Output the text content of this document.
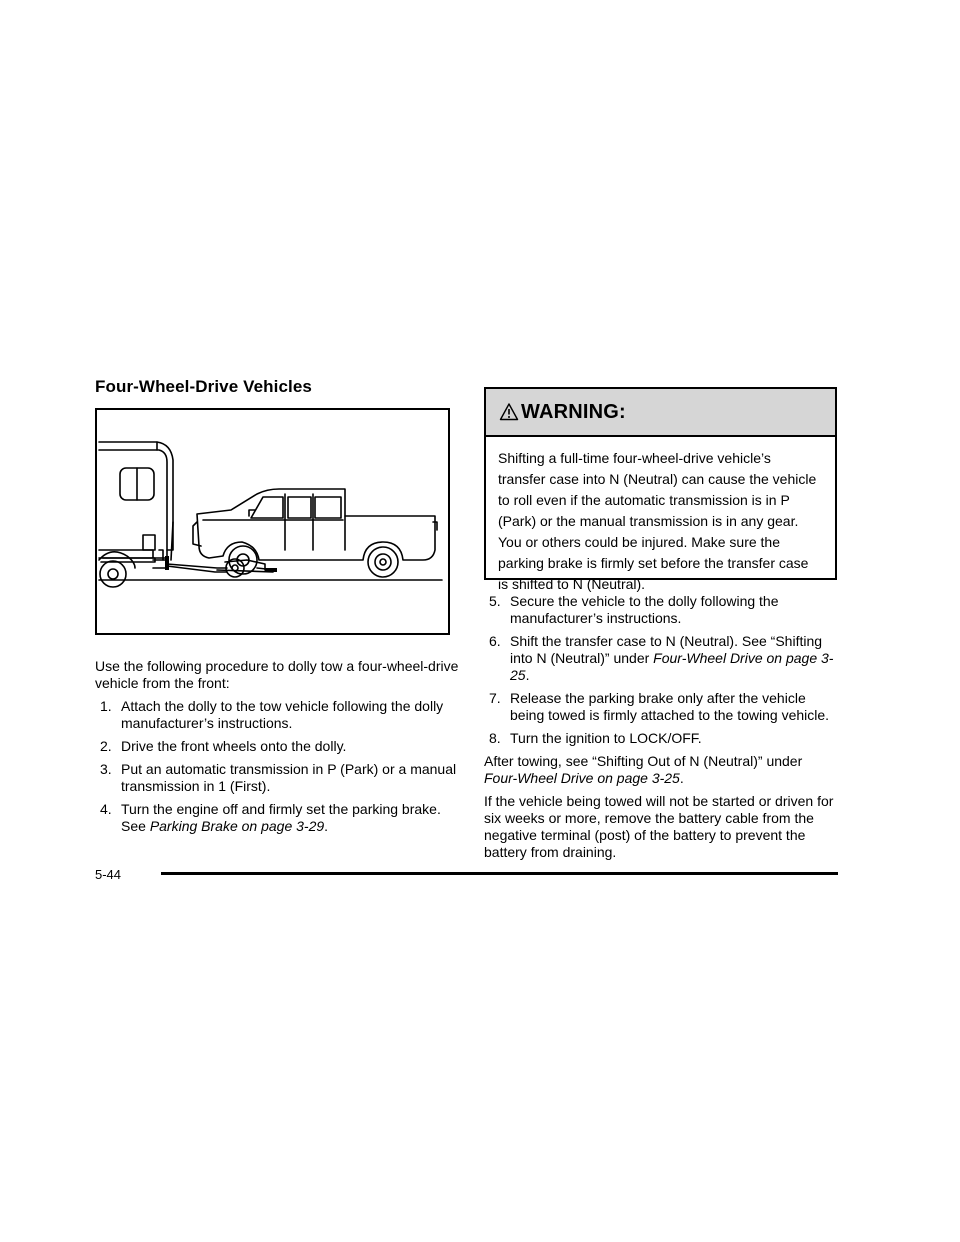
Four-Wheel-Drive Vehicles

Use the following procedure to dolly tow a four-wheel-drive vehicle from the front:

1. Attach the dolly to the tow vehicle following the dolly manufacturer’s instructions.
2. Drive the front wheels onto the dolly.
3. Put an automatic transmission in P (Park) or a manual transmission in 1 (First).
4. Turn the engine off and firmly set the parking brake. See Parking Brake on page 3-29.
WARNING:
Shifting a full-time four-wheel-drive vehicle’s transfer case into N (Neutral) can cause the vehicle to roll even if the automatic transmission is in P (Park) or the manual transmission is in any gear. You or others could be injured. Make sure the parking brake is firmly set before the transfer case is shifted to N (Neutral).
5. Secure the vehicle to the dolly following the manufacturer’s instructions.
6. Shift the transfer case to N (Neutral). See “Shifting into N (Neutral)” under Four-Wheel Drive on page 3-25.
7. Release the parking brake only after the vehicle being towed is firmly attached to the towing vehicle.
8. Turn the ignition to LOCK/OFF.

After towing, see “Shifting Out of N (Neutral)” under Four-Wheel Drive on page 3-25.

If the vehicle being towed will not be started or driven for six weeks or more, remove the battery cable from the negative terminal (post) of the battery to prevent the battery from draining.

5-44
